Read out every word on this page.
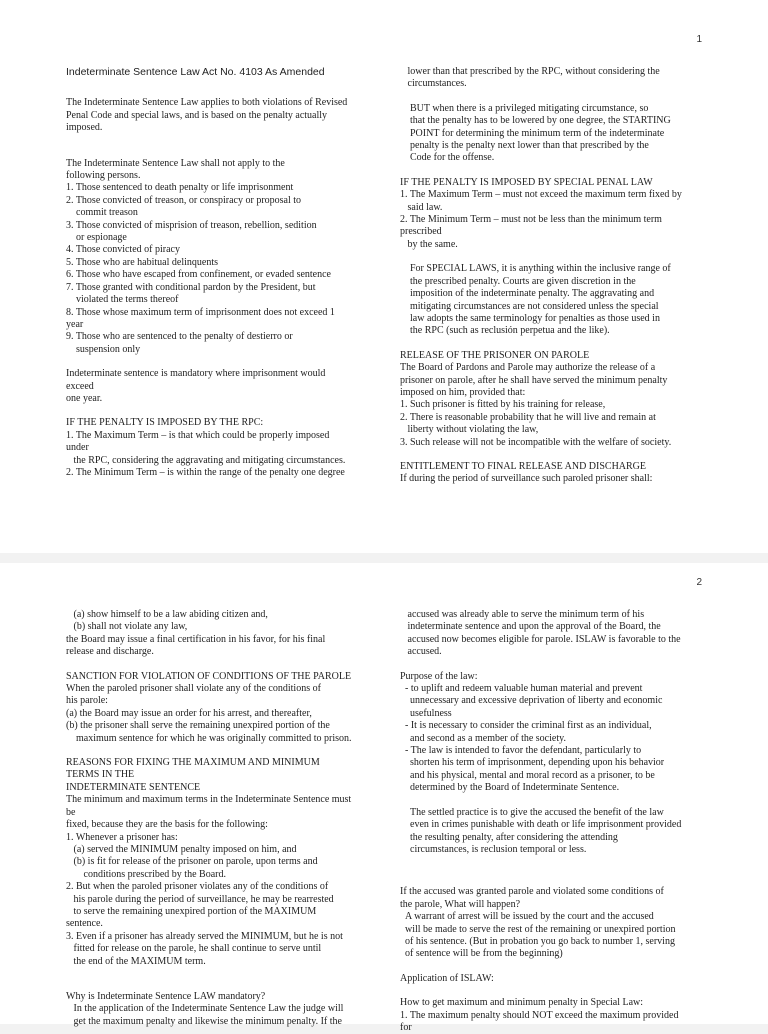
1

Indeterminate Sentence Law Act No. 4103 As Amended

The Indeterminate Sentence Law applies to both violations of Revised
Penal Code and special laws, and is based on the penalty actually
imposed.

The Indeterminate Sentence Law shall not apply to the
following persons.
1. Those sentenced to death penalty or life imprisonment
2. Those convicted of treason, or conspiracy or proposal to
commit treason
3. Those convicted of misprision of treason, rebellion, sedition
or espionage
4. Those convicted of piracy
5. Those who are habitual delinquents
6. Those who have escaped from confinement, or evaded sentence
7. Those granted with conditional pardon by the President, but
violated the terms thereof
8. Those whose maximum term of imprisonment does not exceed 1
year
9. Those who are sentenced to the penalty of destierro or
suspension only

Indeterminate sentence is mandatory where imprisonment would
exceed
one year.

IF THE PENALTY IS IMPOSED BY THE RPC:
1. The Maximum Term – is that which could be properly imposed
under
the RPC, considering the aggravating and mitigating circumstances.
2. The Minimum Term – is within the range of the penalty one degree

lower than that prescribed by the RPC, without considering the
circumstances.

BUT when there is a privileged mitigating circumstance, so
that the penalty has to be lowered by one degree, the STARTING
POINT for determining the minimum term of the indeterminate
penalty is the penalty next lower than that prescribed by the
Code for the offense.

IF THE PENALTY IS IMPOSED BY SPECIAL PENAL LAW
1. The Maximum Term – must not exceed the maximum term fixed by
said law.
2. The Minimum Term – must not be less than the minimum term
prescribed
by the same.

For SPECIAL LAWS, it is anything within the inclusive range of
the prescribed penalty. Courts are given discretion in the
imposition of the indeterminate penalty. The aggravating and
mitigating circumstances are not considered unless the special
law adopts the same terminology for penalties as those used in
the RPC (such as reclusión perpetua and the like).

RELEASE OF THE PRISONER ON PAROLE
The Board of Pardons and Parole may authorize the release of a
prisoner on parole, after he shall have served the minimum penalty
imposed on him, provided that:
1. Such prisoner is fitted by his training for release,
2. There is reasonable probability that he will live and remain at
liberty without violating the law,
3. Such release will not be incompatible with the welfare of society.

ENTITLEMENT TO FINAL RELEASE AND DISCHARGE
If during the period of surveillance such paroled prisoner shall:

2

(a) show himself to be a law abiding citizen and,
(b) shall not violate any law,
the Board may issue a final certification in his favor, for his final
release and discharge.

SANCTION FOR VIOLATION OF CONDITIONS OF THE PAROLE
When the paroled prisoner shall violate any of the conditions of
his parole:
(a) the Board may issue an order for his arrest, and thereafter,
(b) the prisoner shall serve the remaining unexpired portion of the
maximum sentence for which he was originally committed to prison.

REASONS FOR FIXING THE MAXIMUM AND MINIMUM
TERMS IN THE
INDETERMINATE SENTENCE
The minimum and maximum terms in the Indeterminate Sentence must
be
fixed, because they are the basis for the following:
1. Whenever a prisoner has:
(a) served the MINIMUM penalty imposed on him, and
(b) is fit for release of the prisoner on parole, upon terms and
conditions prescribed by the Board.
2. But when the paroled prisoner violates any of the conditions of
his parole during the period of surveillance, he may be rearrested
to serve the remaining unexpired portion of the MAXIMUM
sentence.
3. Even if a prisoner has already served the MINIMUM, but he is not
fitted for release on the parole, he shall continue to serve until
the end of the MAXIMUM term.

Why is Indeterminate Sentence LAW mandatory?
In the application of the Indeterminate Sentence Law the judge will
get the maximum penalty and likewise the minimum penalty. If the

accused was already able to serve the minimum term of his
indeterminate sentence and upon the approval of the Board, the
accused now becomes eligible for parole. ISLAW is favorable to the
accused.

Purpose of the law:
- to uplift and redeem valuable human material and prevent
unnecessary and excessive deprivation of liberty and economic
usefulness
- It is necessary to consider the criminal first as an individual,
and second as a member of the society.
- The law is intended to favor the defendant, particularly to
shorten his term of imprisonment, depending upon his behavior
and his physical, mental and moral record as a prisoner, to be
determined by the Board of Indeterminate Sentence.

The settled practice is to give the accused the benefit of the law
even in crimes punishable with death or life imprisonment provided
the resulting penalty, after considering the attending
circumstances, is reclusion temporal or less.

If the accused was granted parole and violated some conditions of
the parole, What will happen?
A warrant of arrest will be issued by the court and the accused
will be made to serve the rest of the remaining or unexpired portion
of his sentence. (But in probation you go back to number 1, serving
of sentence will be from the beginning)

Application of ISLAW:

How to get maximum and minimum penalty in Special Law:
1. The maximum penalty should NOT exceed the maximum provided
for
